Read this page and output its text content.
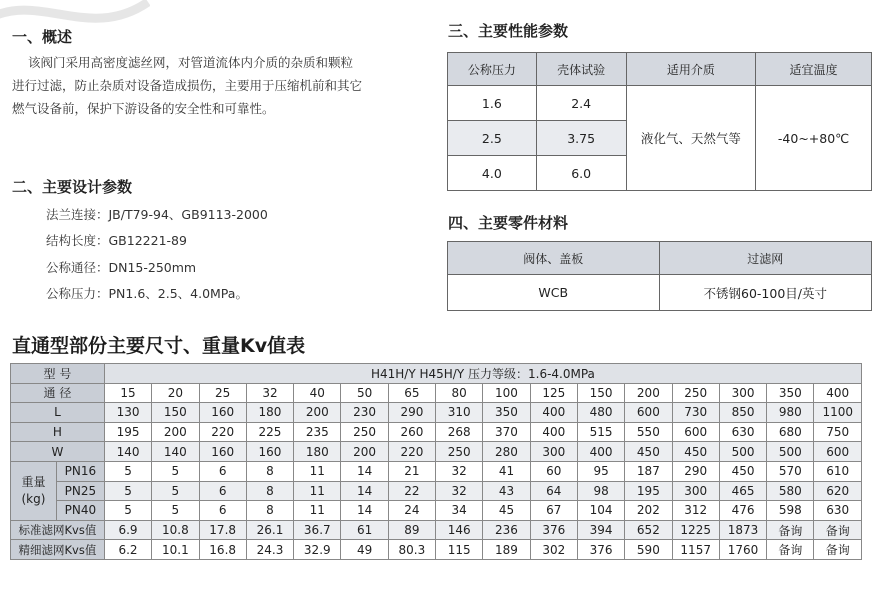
一、概述
该阀门采用高密度滤丝网，对管道流体内介质的杂质和颗粒
进行过滤，防止杂质对设备造成损伤，主要用于压缩机前和其它
燃气设备前，保护下游设备的安全性和可靠性。
二、主要设计参数
法兰连接：JB/T79-94、GB9113-2000
结构长度：GB12221-89
公称通径：DN15-250mm
公称压力：PN1.6、2.5、4.0MPa。
三、主要性能参数
公称压力	壳体试验	适用介质	适宜温度
1.6	2.4	液化气、天然气等	-40~+80℃
2.5	3.75		
4.0	6.0		
四、主要零件材料
阀体、盖板	过滤网
WCB	不锈钢60-100目/英寸
直通型部份主要尺寸、重量Kv值表
型 号		H41H/Y H45H/Y 压力等级：1.6-4.0MPa															
通 径		15	20	25	32	40	50	65	80	100	125	150	200	250	300	350	400
L		130	150	160	180	200	230	290	310	350	400	480	600	730	850	980	1100
H		195	200	220	225	235	250	260	268	370	400	515	550	600	630	680	750
W		140	140	160	160	180	200	220	250	280	300	400	450	450	500	500	600

重量
(kg)	PN16	5	5	6	8	11	14	21	32	41	60	95	187	290	450	570	610
	PN25	5	5	6	8	11	14	22	32	43	64	98	195	300	465	580	620
	PN40	5	5	6	8	11	14	24	34	45	67	104	202	312	476	598	630
标准滤网Kvs值		6.9	10.8	17.8	26.1	36.7	61	89	146	236	376	394	652	1225	1873	备询	备询
精细滤网Kvs值		6.2	10.1	16.8	24.3	32.9	49	80.3	115	189	302	376	590	1157	1760	备询	备询
